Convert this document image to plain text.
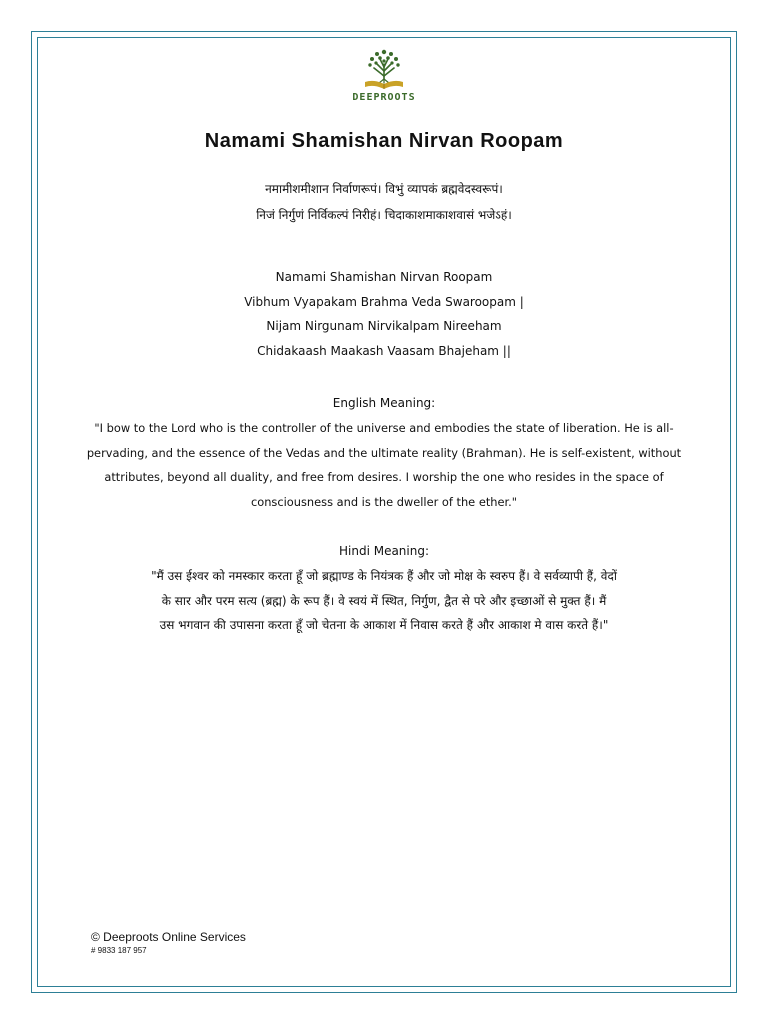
DEEPROOTS
Namami Shamishan Nirvan Roopam
नमामीशमीशान निर्वाणरूपं। विभुं व्यापकं ब्रह्मवेदस्वरूपं।
निजं निर्गुणं निर्विकल्पं निरीहं। चिदाकाशमाकाशवासं भजेऽहं।
Namami Shamishan Nirvan Roopam
Vibhum Vyapakam Brahma Veda Swaroopam |
Nijam Nirgunam Nirvikalpam Nireeham
Chidakaash Maakash Vaasam Bhajeham ||
English Meaning:
"I bow to the Lord who is the controller of the universe and embodies the state of liberation. He is all-pervading, and the essence of the Vedas and the ultimate reality (Brahman). He is self-existent, without attributes, beyond all duality, and free from desires. I worship the one who resides in the space of consciousness and is the dweller of the ether."
Hindi Meaning:
"मैं उस ईश्वर को नमस्कार करता हूँ जो ब्रह्माण्ड के नियंत्रक हैं और जो मोक्ष के स्वरुप हैं। वे सर्वव्यापी हैं, वेदों
के सार और परम सत्य (ब्रह्म) के रूप हैं। वे स्वयं में स्थित, निर्गुण, द्वैत से परे और इच्छाओं से मुक्त हैं। मैं
उस भगवान की उपासना करता हूँ जो चेतना के आकाश में निवास करते हैं और आकाश मे वास करते हैं।"
© Deeproots Online Services
# 9833 187 957
